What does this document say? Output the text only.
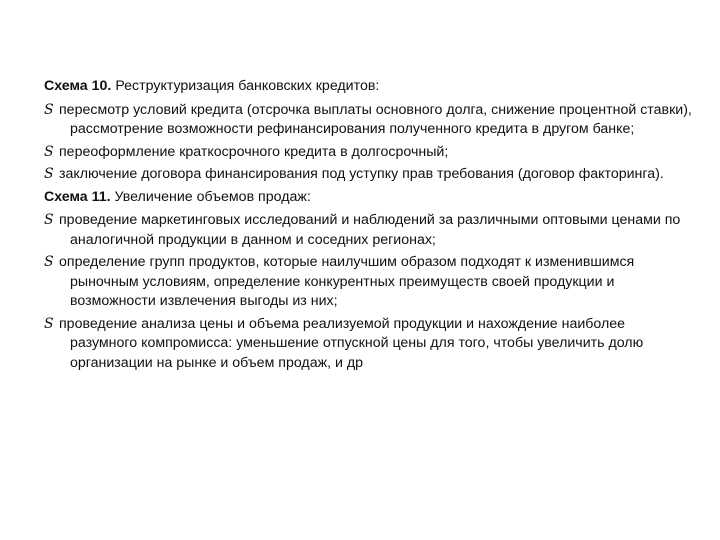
Схема 10. Реструктуризация банковских кредитов:

S пересмотр условий кредита (отсрочка выплаты основного долга, снижение процентной ставки), рассмотрение возможности рефинансирования полученного кредита в другом банке;

S переоформление краткосрочного кредита в долгосрочный;

S заключение договора финансирования под уступку прав требования (договор факторинга).

Схема 11. Увеличение объемов продаж:

S проведение маркетинговых исследований и наблюдений за различными оптовыми ценами по аналогичной продукции в данном и соседних регионах;

S определение групп продуктов, которые наилучшим образом подходят к изменившимся рыночным условиям, определение конкурентных преимуществ своей продукции и возможности извлечения выгоды из них;

S проведение анализа цены и объема реализуемой продукции и нахождение наиболее разумного компромисса: уменьшение отпускной цены для того, чтобы увеличить долю организации на рынке и объем продаж, и др
